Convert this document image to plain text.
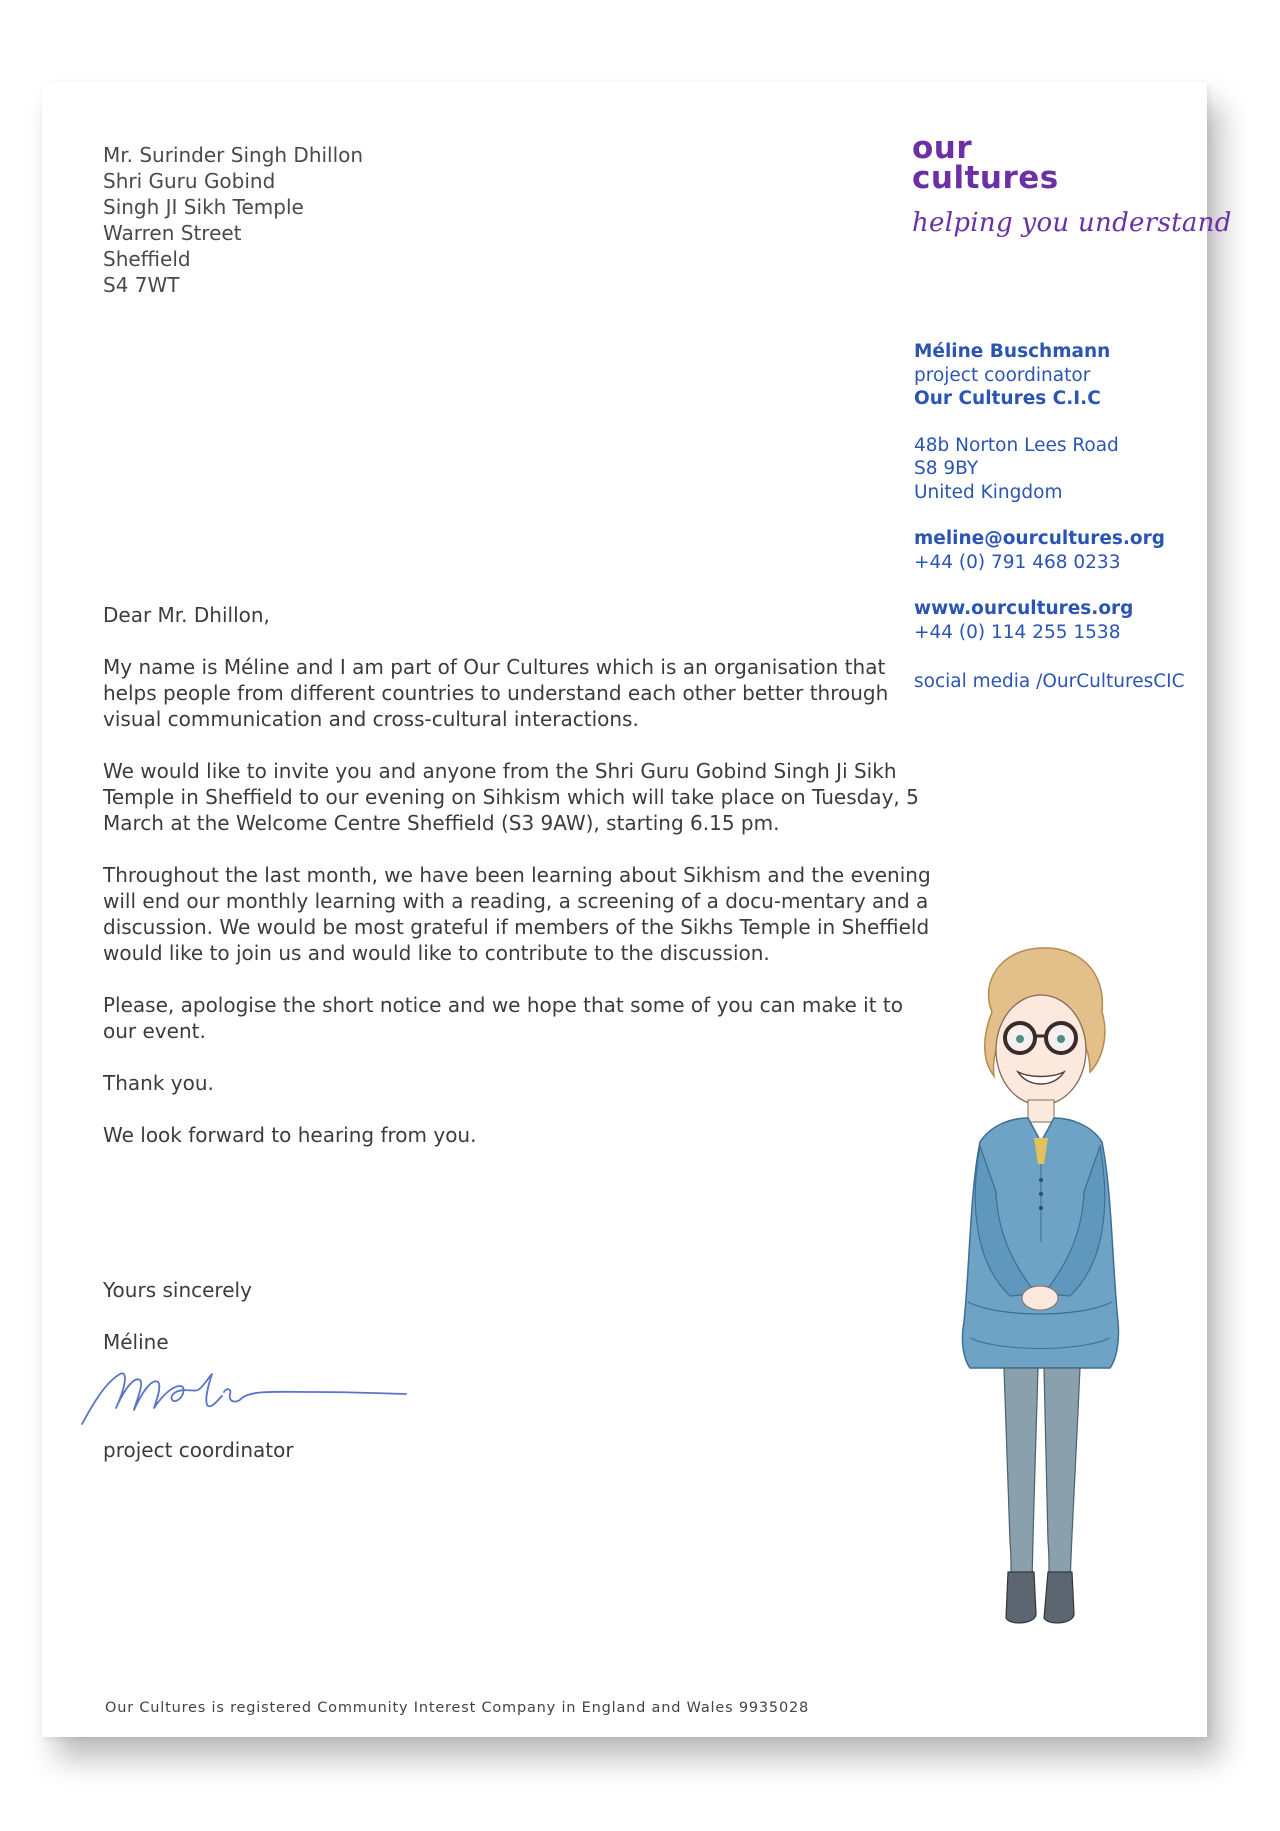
Mr. Surinder Singh Dhillon
Shri Guru Gobind
Singh JI Sikh Temple
Warren Street
Sheffield
S4 7WT
our
cultures
helping you understand
Méline Buschmann
project coordinator
Our Cultures C.I.C
48b Norton Lees Road
S8 9BY
United Kingdom
meline@ourcultures.org
+44 (0) 791 468 0233
www.ourcultures.org
+44 (0) 114 255 1538
social media /OurCulturesCIC

Dear Mr. Dhillon,

My name is Méline and I am part of Our Cultures which is an organisation that helps people from different countries to understand each other better through visual communication and cross-cultural interactions.

We would like to invite you and anyone from the Shri Guru Gobind Singh Ji Sikh Temple in Sheffield to our evening on Sihkism which will take place on Tuesday, 5 March at the Welcome Centre Sheffield (S3 9AW), starting 6.15 pm.

Throughout the last month, we have been learning about Sikhism and the evening will end our monthly learning with a reading, a screening of a docu-mentary and a discussion. We would be most grateful if members of the Sikhs Temple in Sheffield would like to join us and would like to contribute to the discussion.

Please, apologise the short notice and we hope that some of you can make it to our event.

Thank you.

We look forward to hearing from you.

Yours sincerely
Méline
project coordinator
Our Cultures is registered Community Interest Company in England and Wales 9935028
